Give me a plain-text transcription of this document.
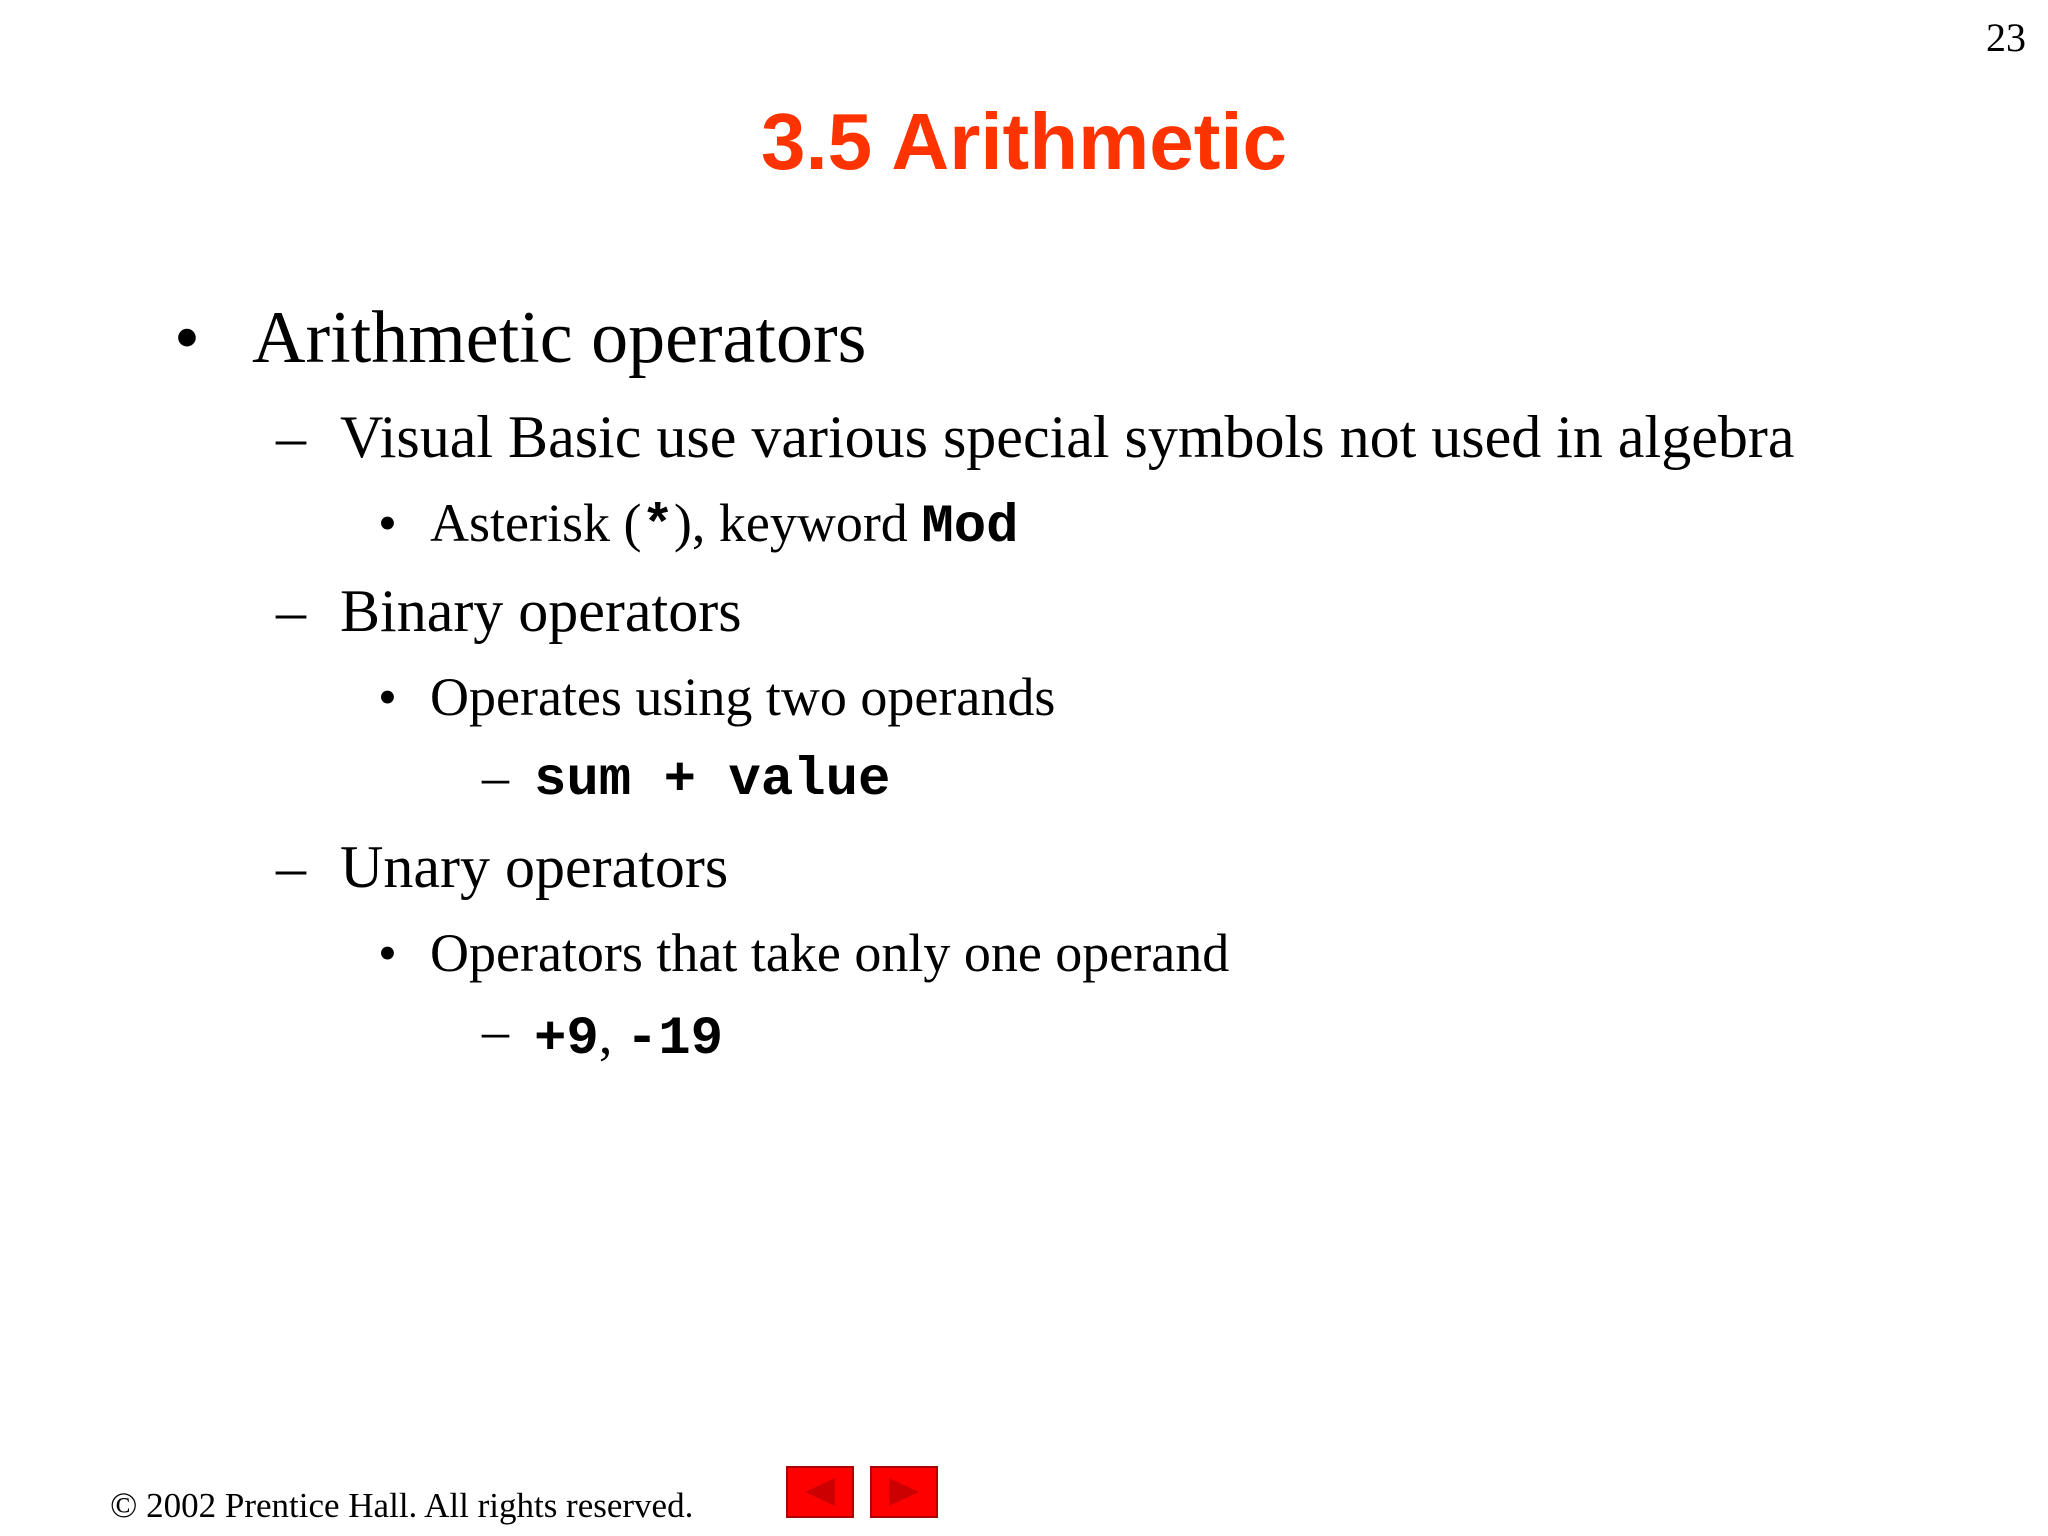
23
3.5 Arithmetic
• Arithmetic operators
– Visual Basic use various special symbols not used in algebra
• Asterisk (*), keyword Mod
– Binary operators
• Operates using two operands
– sum + value
– Unary operators
• Operators that take only one operand
– +9, -19
© 2002 Prentice Hall. All rights reserved.
